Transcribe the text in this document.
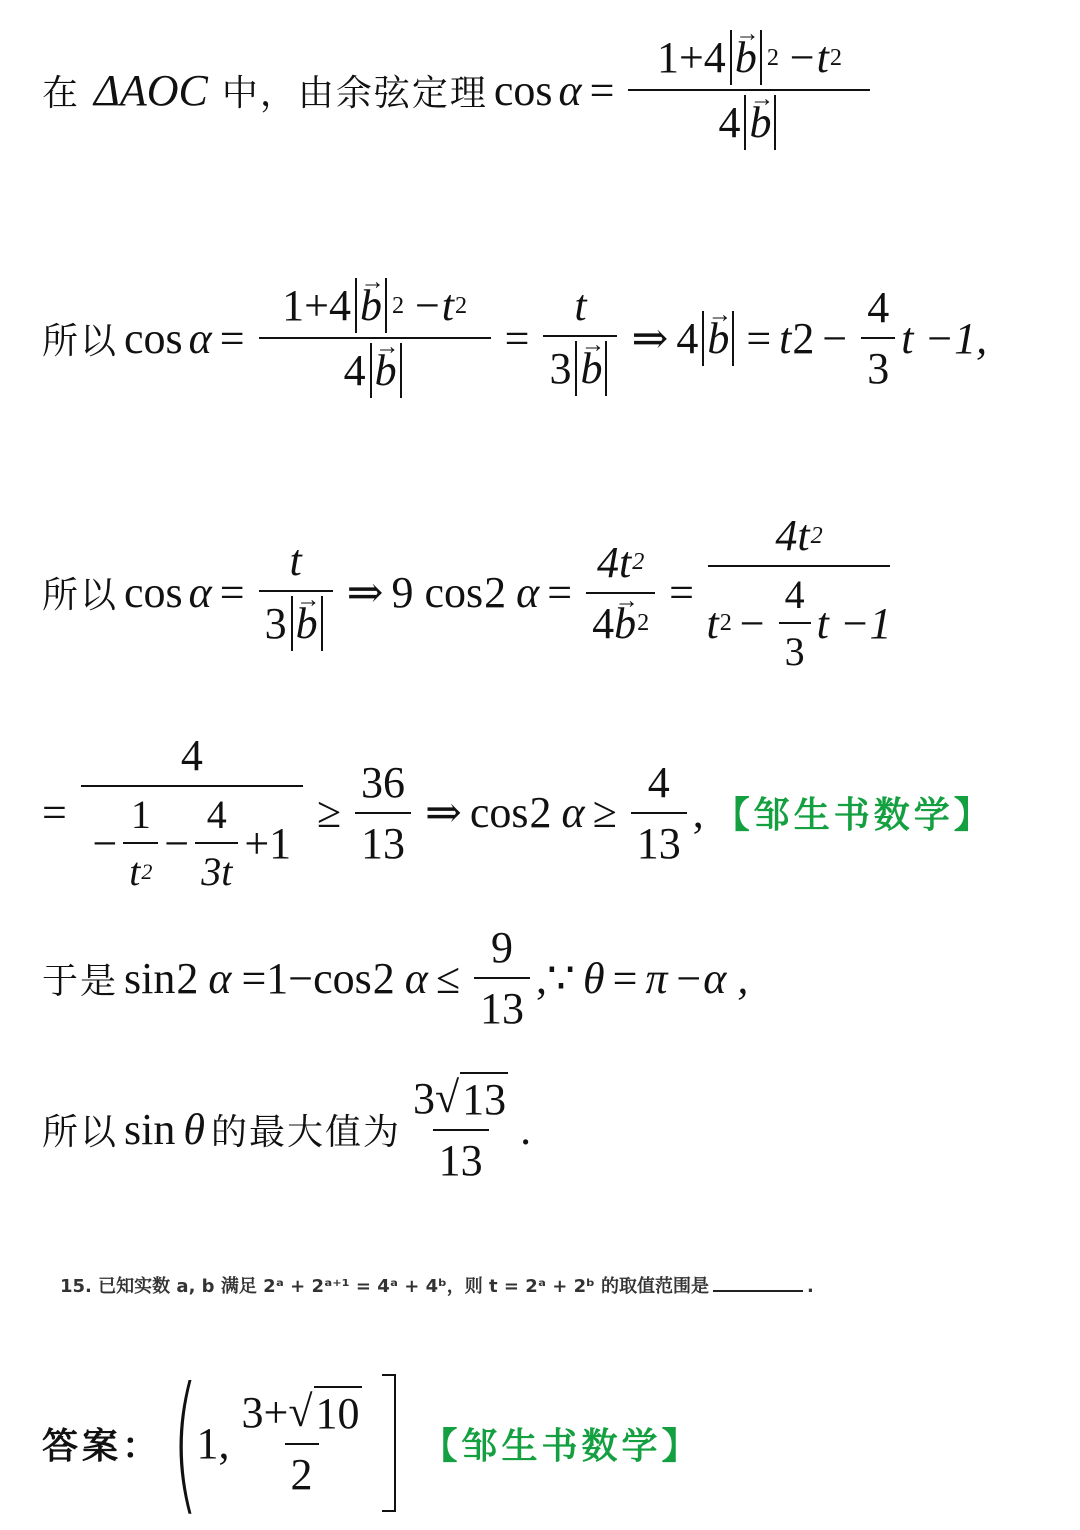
在 ΔAOC 中，由余弦定理 cos α = 1+4
→ b 2 −t 2
4
→ b
所以 cos α = 1+4
→ b 2 −t 2
4
→ b = t
3
→ b ⇒ 4
→ b = t $2 - \frac{4}{3}$ t −1,
所以 cos α = t
3
→ b ⇒ 9 cos 2 α = 4t 2
4
→ b $2 = \frac{4t 2}{t 2 - \frac{4}{3} t -1}$
=
4
− $\frac{1}{t 2} - \frac{4}{3t} +1$
≥ $\frac{36}{13}$ ⇒ cos 2 $\alpha \ge \frac{4}{13}$ , 【邹生书数学】
于是 sin 2 α =1−cos 2 $\alpha \le \frac{9}{13}$ ,∵ θ = π −α ,
所以 sin θ 的最大值为 $\frac{3 √ 13}{13}$ .
15. 已知实数 a, b 满足 2ᵃ + 2ᵃ⁺¹ = 4ᵃ + 4ᵇ，则 t = 2ᵃ + 2ᵇ 的取值范围是	.
答案： (
1, $\frac{3+ √ 10}{2}$ 【邹生书数学】
